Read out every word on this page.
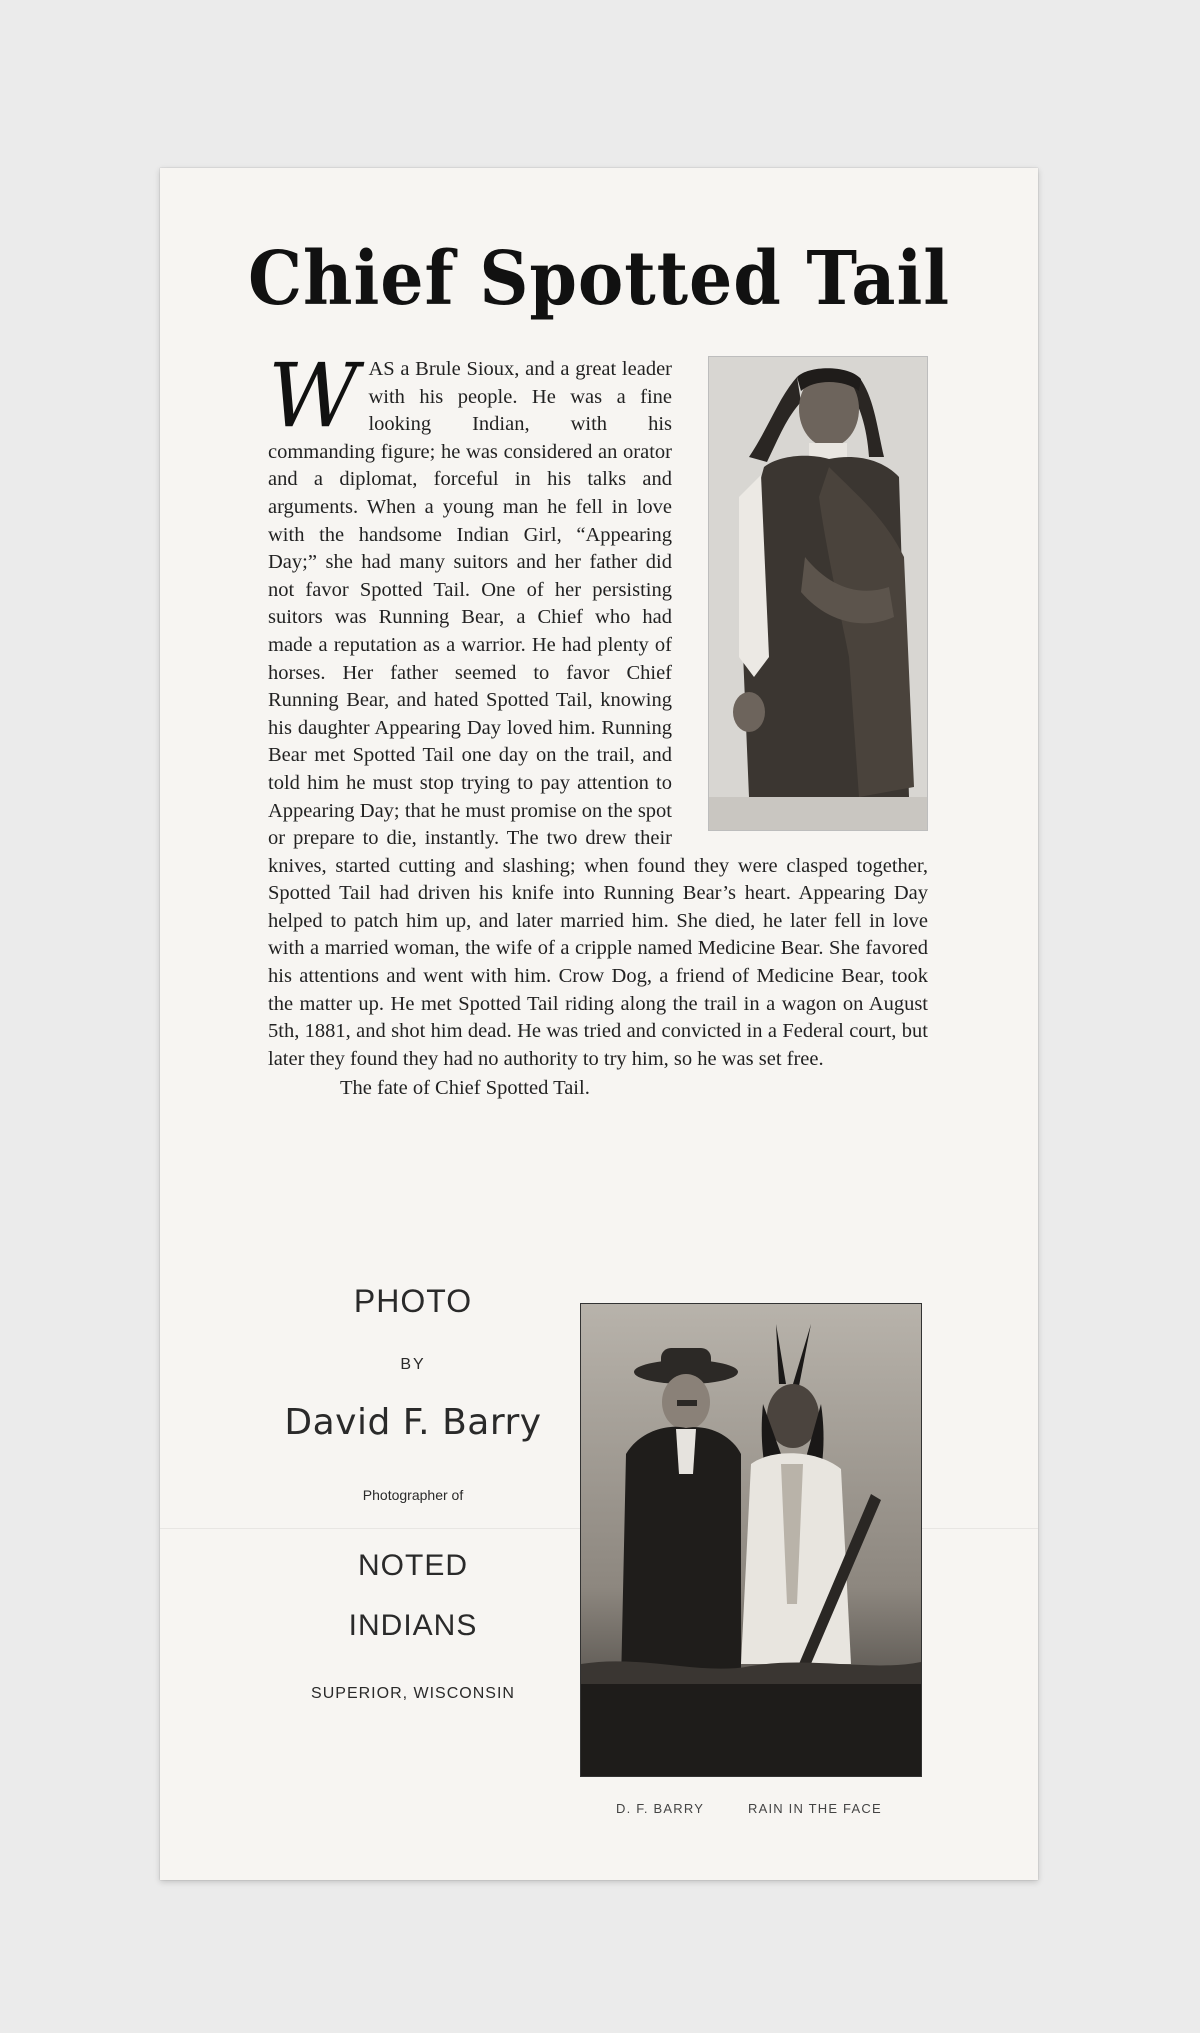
Chief Spotted Tail
W AS a Brule Sioux, and a great leader with his people. He was a fine looking Indian, with his commanding figure; he was considered an orator and a diplomat, forceful in his talks and arguments. When a young man he fell in love with the handsome Indian Girl, “Appearing Day;” she had many suitors and her father did not favor Spotted Tail. One of her persisting suitors was Running Bear, a Chief who had made a reputation as a warrior. He had plenty of horses. Her father seemed to favor Chief Running Bear, and hated Spotted Tail, knowing his daughter Appearing Day loved him. Running Bear met Spotted Tail one day on the trail, and told him he must stop trying to pay attention to Appearing Day; that he must promise on the spot or prepare to die, instantly. The two drew their knives, started cutting and slashing; when found they were clasped together, Spotted Tail had driven his knife into Running Bear’s heart. Appearing Day helped to patch him up, and later married him. She died, he later fell in love with a married woman, the wife of a cripple named Medicine Bear. She favored his attentions and went with him. Crow Dog, a friend of Medicine Bear, took the matter up. He met Spotted Tail riding along the trail in a wagon on August 5th, 1881, and shot him dead. He was tried and convicted in a Federal court, but later they found they had no authority to try him, so he was set free.

The fate of Chief Spotted Tail.

PHOTO
BY
David F. Barry
Photographer of
NOTED
INDIANS
SUPERIOR, WISCONSIN
D. F. BARRY	RAIN IN THE FACE
